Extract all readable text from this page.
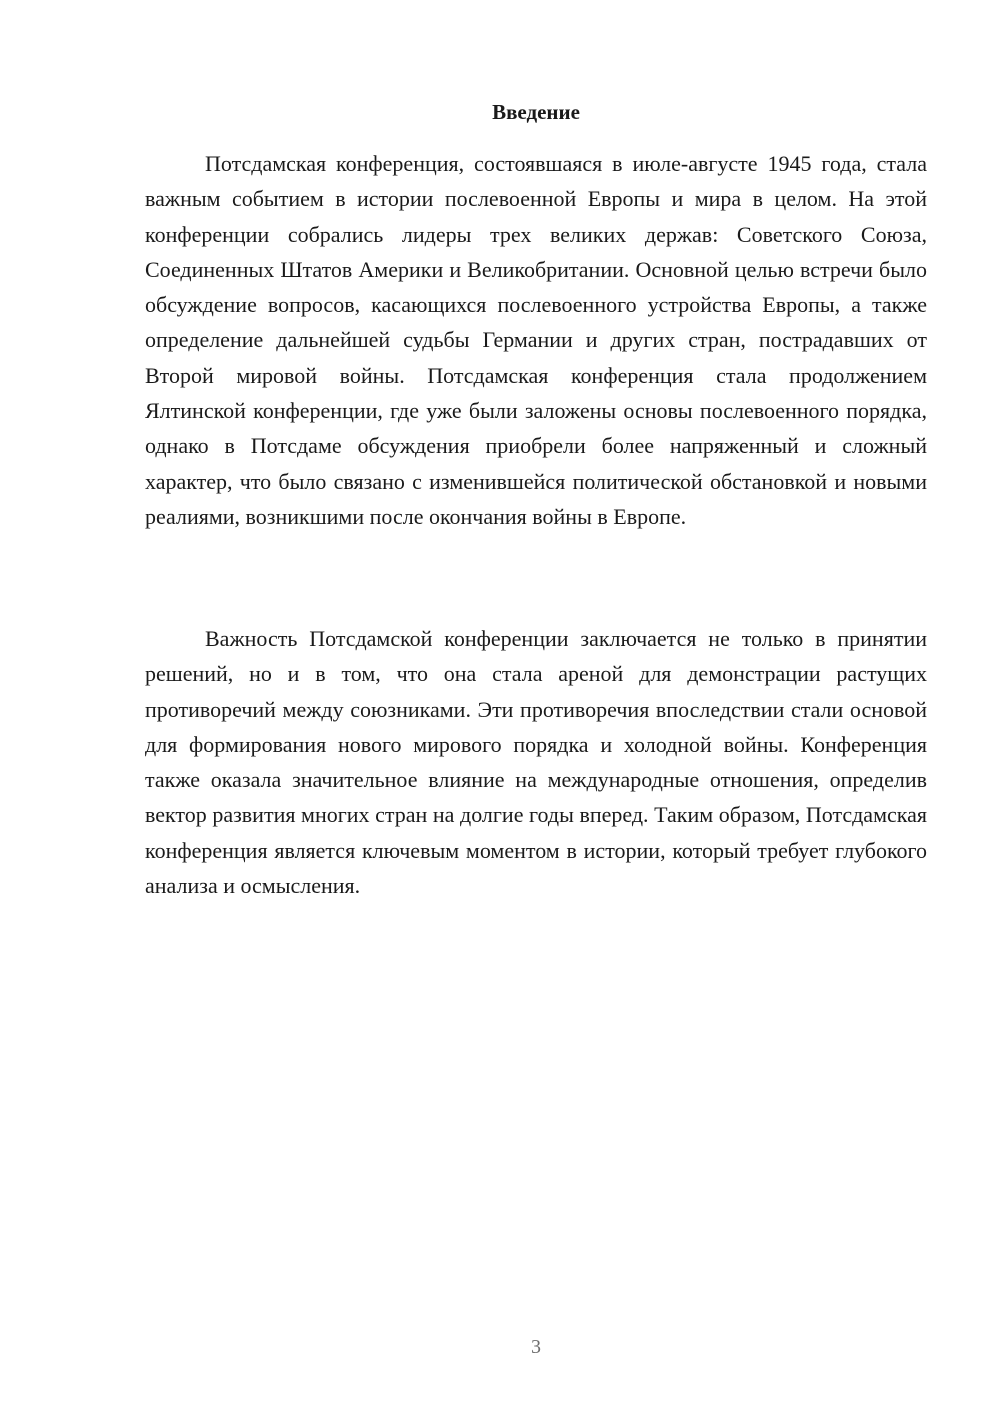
Введение

Потсдамская конференция, состоявшаяся в июле-августе 1945 года, стала важным событием в истории послевоенной Европы и мира в целом. На этой конференции собрались лидеры трех великих держав: Советского Союза, Соединенных Штатов Америки и Великобритании. Основной целью встречи было обсуждение вопросов, касающихся послевоенного устройства Европы, а также определение дальнейшей судьбы Германии и других стран, пострадавших от Второй мировой войны. Потсдамская конференция стала продолжением Ялтинской конференции, где уже были заложены основы послевоенного порядка, однако в Потсдаме обсуждения приобрели более напряженный и сложный характер, что было связано с изменившейся политической обстановкой и новыми реалиями, возникшими после окончания войны в Европе.

Важность Потсдамской конференции заключается не только в принятии решений, но и в том, что она стала ареной для демонстрации растущих противоречий между союзниками. Эти противоречия впоследствии стали основой для формирования нового мирового порядка и холодной войны. Конференция также оказала значительное влияние на международные отношения, определив вектор развития многих стран на долгие годы вперед. Таким образом, Потсдамская конференция является ключевым моментом в истории, который требует глубокого анализа и осмысления.

3
